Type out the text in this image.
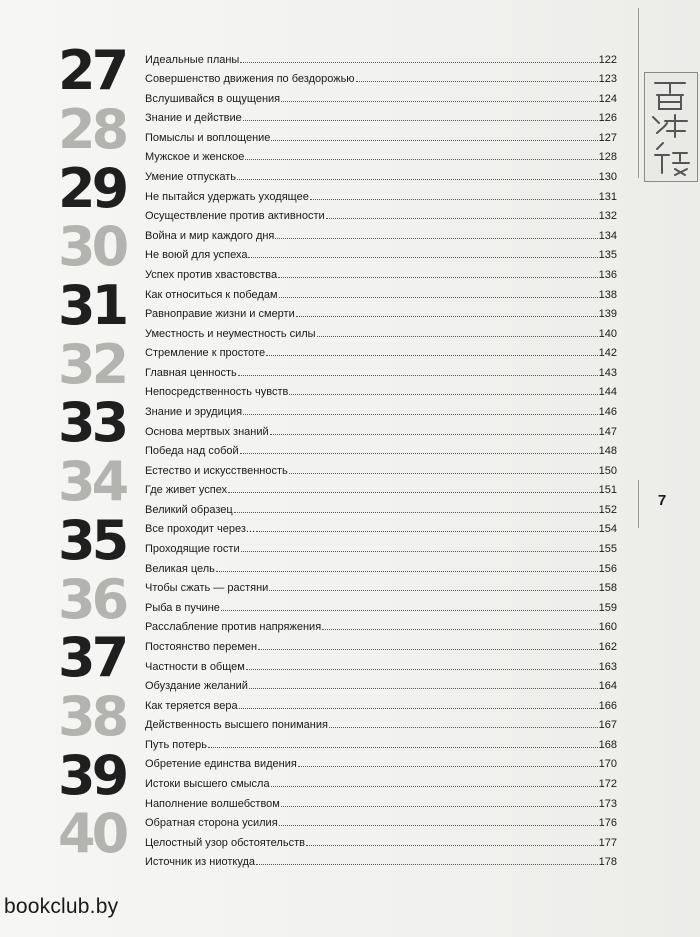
7
27
28
29
30
31
32
33
34
35
36
37
38
39
40
Идеальные планы	122
Совершенство движения по бездорожью	123
Вслушивайся в ощущения	124
Знание и действие	126
Помыслы и воплощение	127
Мужское и женское	128
Умение отпускать	130
Не пытайся удержать уходящее	131
Осуществление против активности	132
Война и мир каждого дня	134
Не воюй для успеха	135
Успех против хвастовства	136
Как относиться к победам	138
Равноправие жизни и смерти	139
Уместность и неуместность силы	140
Стремление к простоте	142
Главная ценность	143
Непосредственность чувств	144
Знание и эрудиция	146
Основа мертвых знаний	147
Победа над собой	148
Естество и искусственность	150
Где живет успех	151
Великий образец	152
Все проходит через...	154
Проходящие гости	155
Великая цель	156
Чтобы сжать — растяни	158
Рыба в пучине	159
Расслабление против напряжения	160
Постоянство перемен	162
Частности в общем	163
Обуздание желаний	164
Как теряется вера	166
Действенность высшего понимания	167
Путь потерь	168
Обретение единства видения	170
Истоки высшего смысла	172
Наполнение волшебством	173
Обратная сторона усилия	176
Целостный узор обстоятельств	177
Источник из ниоткуда	178
bookclub.by
